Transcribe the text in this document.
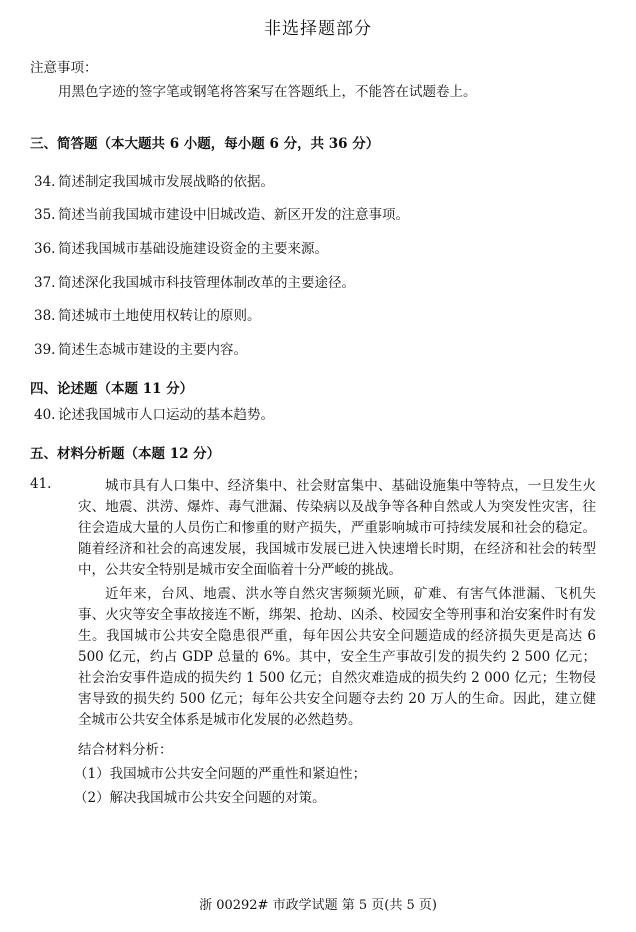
非选择题部分
注意事项：
用黑色字迹的签字笔或钢笔将答案写在答题纸上，不能答在试题卷上。
三、简答题（本大题共 6 小题，每小题 6 分，共 36 分）
34. 简述制定我国城市发展战略的依据。
35. 简述当前我国城市建设中旧城改造、新区开发的注意事项。
36. 简述我国城市基础设施建设资金的主要来源。
37. 简述深化我国城市科技管理体制改革的主要途径。
38. 简述城市土地使用权转让的原则。
39. 简述生态城市建设的主要内容。
四、论述题（本题 11 分）
40. 论述我国城市人口运动的基本趋势。
五、材料分析题（本题 12 分）
41.	城市具有人口集中、经济集中、社会财富集中、基础设施集中等特点，一旦发生火灾、地震、洪涝、爆炸、毒气泄漏、传染病以及战争等各种自然或人为突发性灾害，往往会造成大量的人员伤亡和惨重的财产损失，严重影响城市可持续发展和社会的稳定。随着经济和社会的高速发展，我国城市发展已进入快速增长时期，在经济和社会的转型中，公共安全特别是城市安全面临着十分严峻的挑战。
近年来，台风、地震、洪水等自然灾害频频光顾，矿难、有害气体泄漏、飞机失事、火灾等安全事故接连不断，绑架、抢劫、凶杀、校园安全等刑事和治安案件时有发生。我国城市公共安全隐患很严重，每年因公共安全问题造成的经济损失更是高达 6 500 亿元，约占 GDP 总量的 6%。其中，安全生产事故引发的损失约 2 500 亿元；社会治安事件造成的损失约 1 500 亿元；自然灾难造成的损失约 2 000 亿元；生物侵害导致的损失约 500 亿元；每年公共安全问题夺去约 20 万人的生命。因此，建立健全城市公共安全体系是城市化发展的必然趋势。
结合材料分析：
（1）我国城市公共安全问题的严重性和紧迫性；
（2）解决我国城市公共安全问题的对策。
浙 00292# 市政学试题 第 5 页(共 5 页)
